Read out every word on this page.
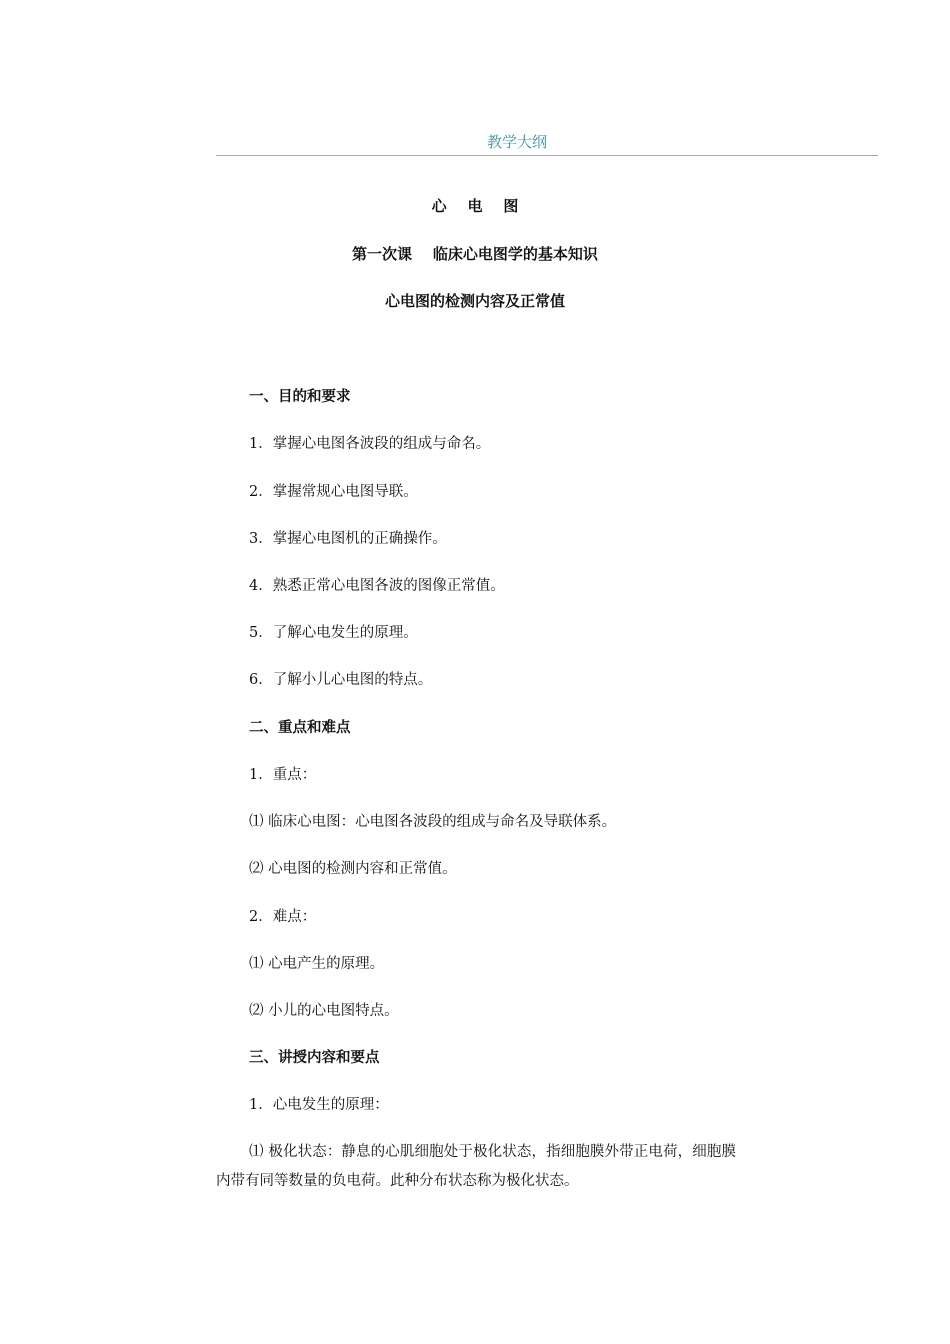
教学大纲
心    电    图
第一次课    临床心电图学的基本知识
心电图的检测内容及正常值
一、目的和要求
1．掌握心电图各波段的组成与命名。
2．掌握常规心电图导联。
3．掌握心电图机的正确操作。
4．熟悉正常心电图各波的图像正常值。
5．了解心电发生的原理。
6．了解小儿心电图的特点。
二、重点和难点
1．重点：
⑴ 临床心电图：心电图各波段的组成与命名及导联体系。
⑵ 心电图的检测内容和正常值。
2．难点：
⑴ 心电产生的原理。
⑵ 小儿的心电图特点。
三、讲授内容和要点
1．心电发生的原理：
⑴ 极化状态：静息的心肌细胞处于极化状态，指细胞膜外带正电荷，细胞膜内带有同等数量的负电荷。此种分布状态称为极化状态。
